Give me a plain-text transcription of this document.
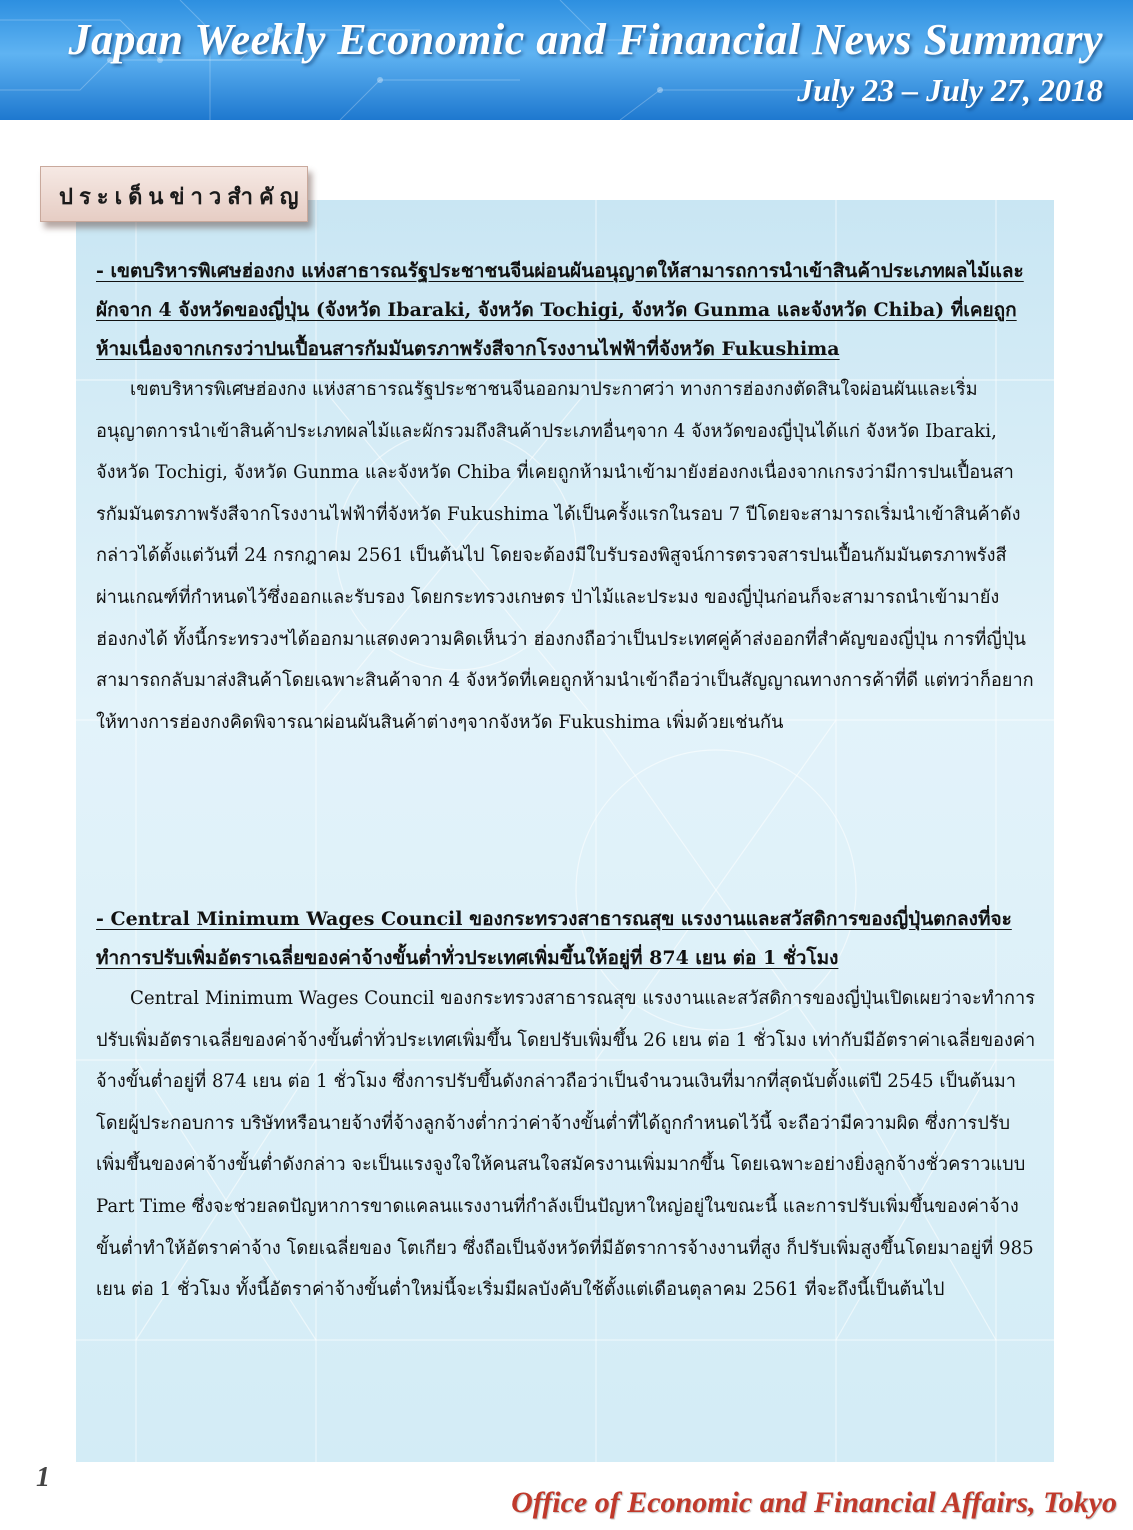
Japan Weekly Economic and Financial News Summary
July 23 – July 27, 2018
ประเด็นข่าวสำคัญ
- เขตบริหารพิเศษฮ่องกง แห่งสาธารณรัฐประชาชนจีนผ่อนผันอนุญาตให้สามารถการนำเข้าสินค้าประเภทผลไม้และผักจาก 4 จังหวัดของญี่ปุ่น (จังหวัด Ibaraki, จังหวัด Tochigi, จังหวัด Gunma และจังหวัด Chiba) ที่เคยถูกห้ามเนื่องจากเกรงว่าปนเปื้อนสารกัมมันตรภาพรังสีจากโรงงานไฟฟ้าที่จังหวัด Fukushima

เขตบริหารพิเศษฮ่องกง แห่งสาธารณรัฐประชาชนจีนออกมาประกาศว่า ทางการฮ่องกงตัดสินใจผ่อนผันและเริ่มอนุญาตการนำเข้าสินค้าประเภทผลไม้และผักรวมถึงสินค้าประเภทอื่นๆจาก 4 จังหวัดของญี่ปุ่นได้แก่ จังหวัด Ibaraki, จังหวัด Tochigi, จังหวัด Gunma และจังหวัด Chiba ที่เคยถูกห้ามนำเข้ามายังฮ่องกงเนื่องจากเกรงว่ามีการปนเปื้อนสารกัมมันตรภาพรังสีจากโรงงานไฟฟ้าที่จังหวัด Fukushima ได้เป็นครั้งแรกในรอบ 7 ปีโดยจะสามารถเริ่มนำเข้าสินค้าดังกล่าวได้ตั้งแต่วันที่ 24 กรกฎาคม 2561 เป็นต้นไป โดยจะต้องมีใบรับรองพิสูจน์การตรวจสารปนเปื้อนกัมมันตรภาพรังสีผ่านเกณฑ์ที่กำหนดไว้ซึ่งออกและรับรอง โดยกระทรวงเกษตร ป่าไม้และประมง ของญี่ปุ่นก่อนก็จะสามารถนำเข้ามายังฮ่องกงได้ ทั้งนี้กระทรวงฯได้ออกมาแสดงความคิดเห็นว่า ฮ่องกงถือว่าเป็นประเทศคู่ค้าส่งออกที่สำคัญของญี่ปุ่น การที่ญี่ปุ่นสามารถกลับมาส่งสินค้าโดยเฉพาะสินค้าจาก 4 จังหวัดที่เคยถูกห้ามนำเข้าถือว่าเป็นสัญญาณทางการค้าที่ดี แต่ทว่าก็อยากให้ทางการฮ่องกงคิดพิจารณาผ่อนผันสินค้าต่างๆจากจังหวัด Fukushima เพิ่มด้วยเช่นกัน

- Central Minimum Wages Council ของกระทรวงสาธารณสุข แรงงานและสวัสดิการของญี่ปุ่นตกลงที่จะทำการปรับเพิ่มอัตราเฉลี่ยของค่าจ้างขั้นต่ำทั่วประเทศเพิ่มขึ้นให้อยู่ที่ 874 เยน ต่อ 1 ชั่วโมง

Central Minimum Wages Council ของกระทรวงสาธารณสุข แรงงานและสวัสดิการของญี่ปุ่นเปิดเผยว่าจะทำการปรับเพิ่มอัตราเฉลี่ยของค่าจ้างขั้นต่ำทั่วประเทศเพิ่มขึ้น โดยปรับเพิ่มขึ้น 26 เยน ต่อ 1 ชั่วโมง เท่ากับมีอัตราค่าเฉลี่ยของค่าจ้างขั้นต่ำอยู่ที่ 874 เยน ต่อ 1 ชั่วโมง ซึ่งการปรับขึ้นดังกล่าวถือว่าเป็นจำนวนเงินที่มากที่สุดนับตั้งแต่ปี 2545 เป็นต้นมา โดยผู้ประกอบการ บริษัทหรือนายจ้างที่จ้างลูกจ้างต่ำกว่าค่าจ้างขั้นต่ำที่ได้ถูกกำหนดไว้นี้ จะถือว่ามีความผิด ซึ่งการปรับเพิ่มขึ้นของค่าจ้างขั้นต่ำดังกล่าว จะเป็นแรงจูงใจให้คนสนใจสมัครงานเพิ่มมากขึ้น โดยเฉพาะอย่างยิ่งลูกจ้างชั่วคราวแบบ Part Time ซึ่งจะช่วยลดปัญหาการขาดแคลนแรงงานที่กำลังเป็นปัญหาใหญ่อยู่ในขณะนี้ และการปรับเพิ่มขึ้นของค่าจ้างขั้นต่ำทำให้อัตราค่าจ้าง โดยเฉลี่ยของ โตเกียว ซึ่งถือเป็นจังหวัดที่มีอัตราการจ้างงานที่สูง ก็ปรับเพิ่มสูงขึ้นโดยมาอยู่ที่ 985 เยน ต่อ 1 ชั่วโมง ทั้งนี้อัตราค่าจ้างขั้นต่ำใหม่นี้จะเริ่มมีผลบังคับใช้ตั้งแต่เดือนตุลาคม 2561 ที่จะถึงนี้เป็นต้นไป

1
Office of Economic and Financial Affairs, Tokyo
